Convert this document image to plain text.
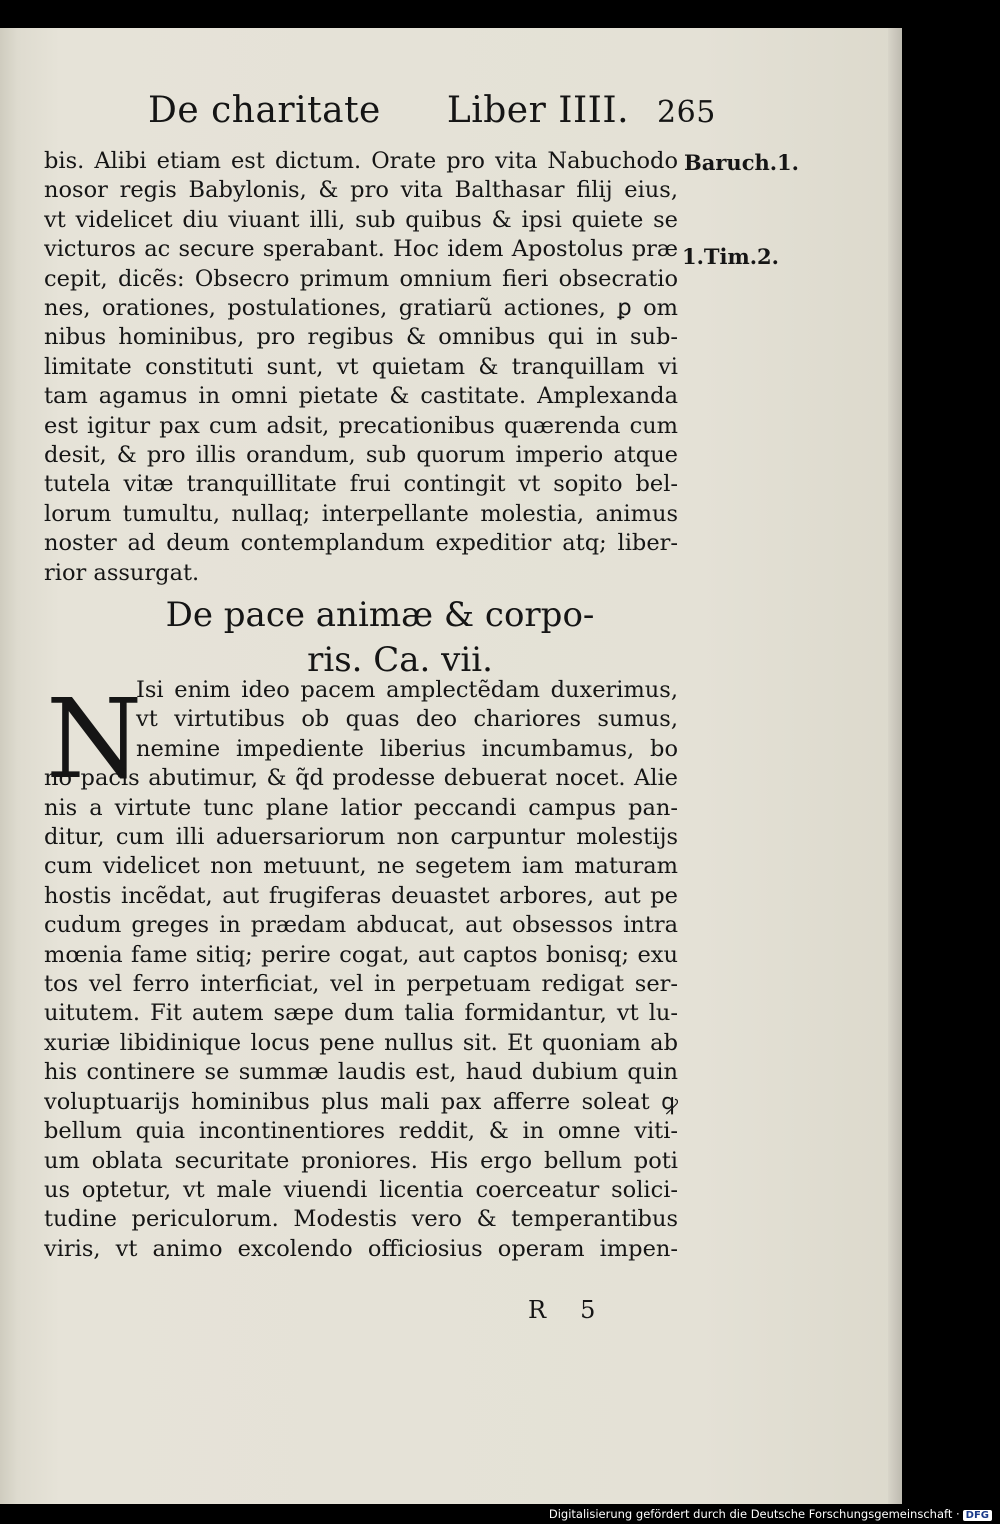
De charitate Liber IIII. 265
Baruch.1.
1.Tim.2.
bis. Alibi etiam est dictum. Orate pro vita Nabuchodo
nosor regis Babylonis, & pro vita Balthasar filij eius,
vt videlicet diu viuant illi, sub quibus & ipsi quiete se
victuros ac secure sperabant. Hoc idem Apostolus præ
cepit, dicẽs: Obsecro primum omnium fieri obsecratio
nes, orationes, postulationes, gratiarũ actiones, ꝑ om
nibus hominibus, pro regibus & omnibus qui in sub-
limitate constituti sunt, vt quietam & tranquillam vi
tam agamus in omni pietate & castitate. Amplexanda
est igitur pax cum adsit, precationibus quærenda cum
desit, & pro illis orandum, sub quorum imperio atque
tutela vitæ tranquillitate frui contingit vt sopito bel-
lorum tumultu, nullaq; interpellante molestia, animus
noster ad deum contemplandum expeditior atq; liber-
rior assurgat.
De pace animæ & corpo-
ris. Ca. vii.
N
Isi enim ideo pacem amplectẽdam duxerimus,
vt virtutibus ob quas deo chariores sumus,
nemine impediente liberius incumbamus, bo
no pacis abutimur, & q̃d prodesse debuerat nocet. Alie
nis a virtute tunc plane latior peccandi campus pan-
ditur, cum illi aduersariorum non carpuntur molestijs
cum videlicet non metuunt, ne segetem iam maturam
hostis incẽdat, aut frugiferas deuastet arbores, aut pe
cudum greges in prædam abducat, aut obsessos intra
mœnia fame sitiq; perire cogat, aut captos bonisq; exu
tos vel ferro interficiat, vel in perpetuam redigat ser-
uitutem. Fit autem sæpe dum talia formidantur, vt lu-
xuriæ libidinique locus pene nullus sit. Et quoniam ab
his continere se summæ laudis est, haud dubium quin
voluptuarijs hominibus plus mali pax afferre soleat ꝙ
bellum quia incontinentiores reddit, & in omne viti-
um oblata securitate proniores. His ergo bellum poti
us optetur, vt male viuendi licentia coerceatur solici-
tudine periculorum. Modestis vero & temperantibus
viris, vt animo excolendo officiosius operam impen-
R 5
Digitalisierung gefördert durch die Deutsche Forschungsgemeinschaft · DFG
